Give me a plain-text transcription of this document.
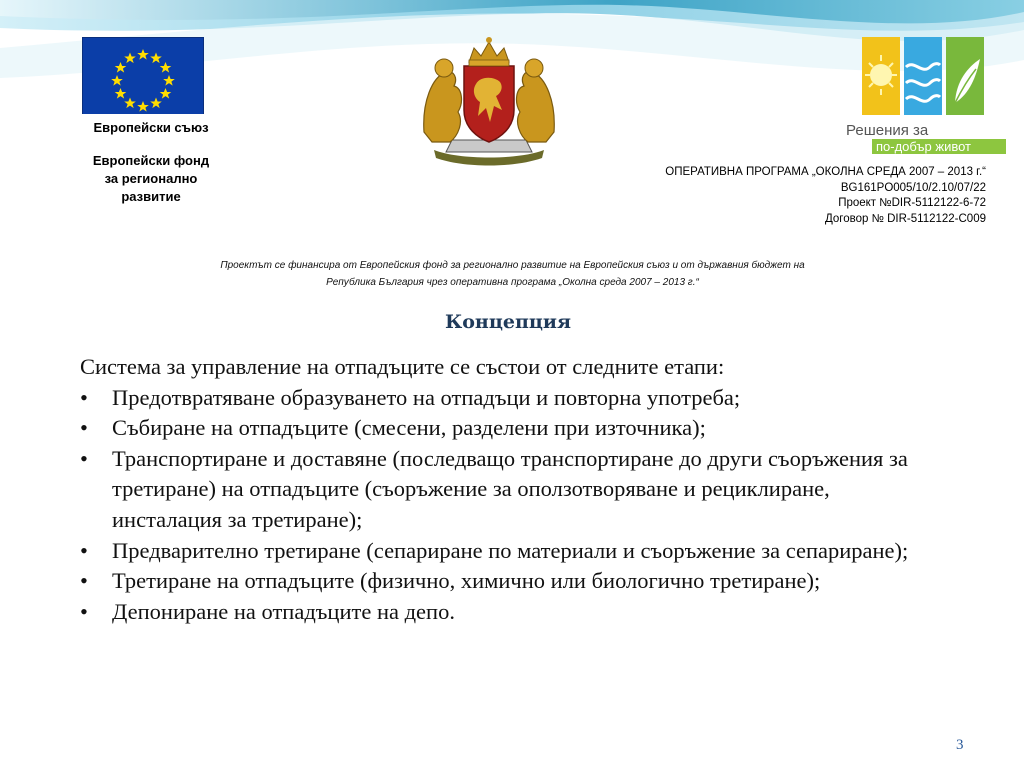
Европейски съюз
Европейски фонд
за регионално
развитие
Решения за
по-добър живот
ОПЕРАТИВНА ПРОГРАМА „ОКОЛНА СРЕДА 2007 – 2013 г.“
BG161PO005/10/2.10/07/22
Проект №DIR-5112122-6-72
Договор № DIR-5112122-С009
Проектът се финансира от Европейския фонд за регионално развитие на Европейския съюз и от държавния бюджет на
Република България чрез оперативна програма „Околна среда 2007 – 2013 г.“
Концепция

Система за управление на отпадъците се състои от следните етапи:

• Предотвратяване образуването на отпадъци и повторна употреба;
• Събиране на отпадъците (смесени, разделени при източника);
• Транспортиране и доставяне (последващо транспортиране до други съоръжения за третиране) на отпадъците (съоръжение за оползотворяване и рециклиране, инсталация за третиране);
• Предварително третиране (сепариране по материали и съоръжение за сепариране);
• Третиране на отпадъците (физично, химично или биологично третиране);
• Депониране на отпадъците на депо.
3
